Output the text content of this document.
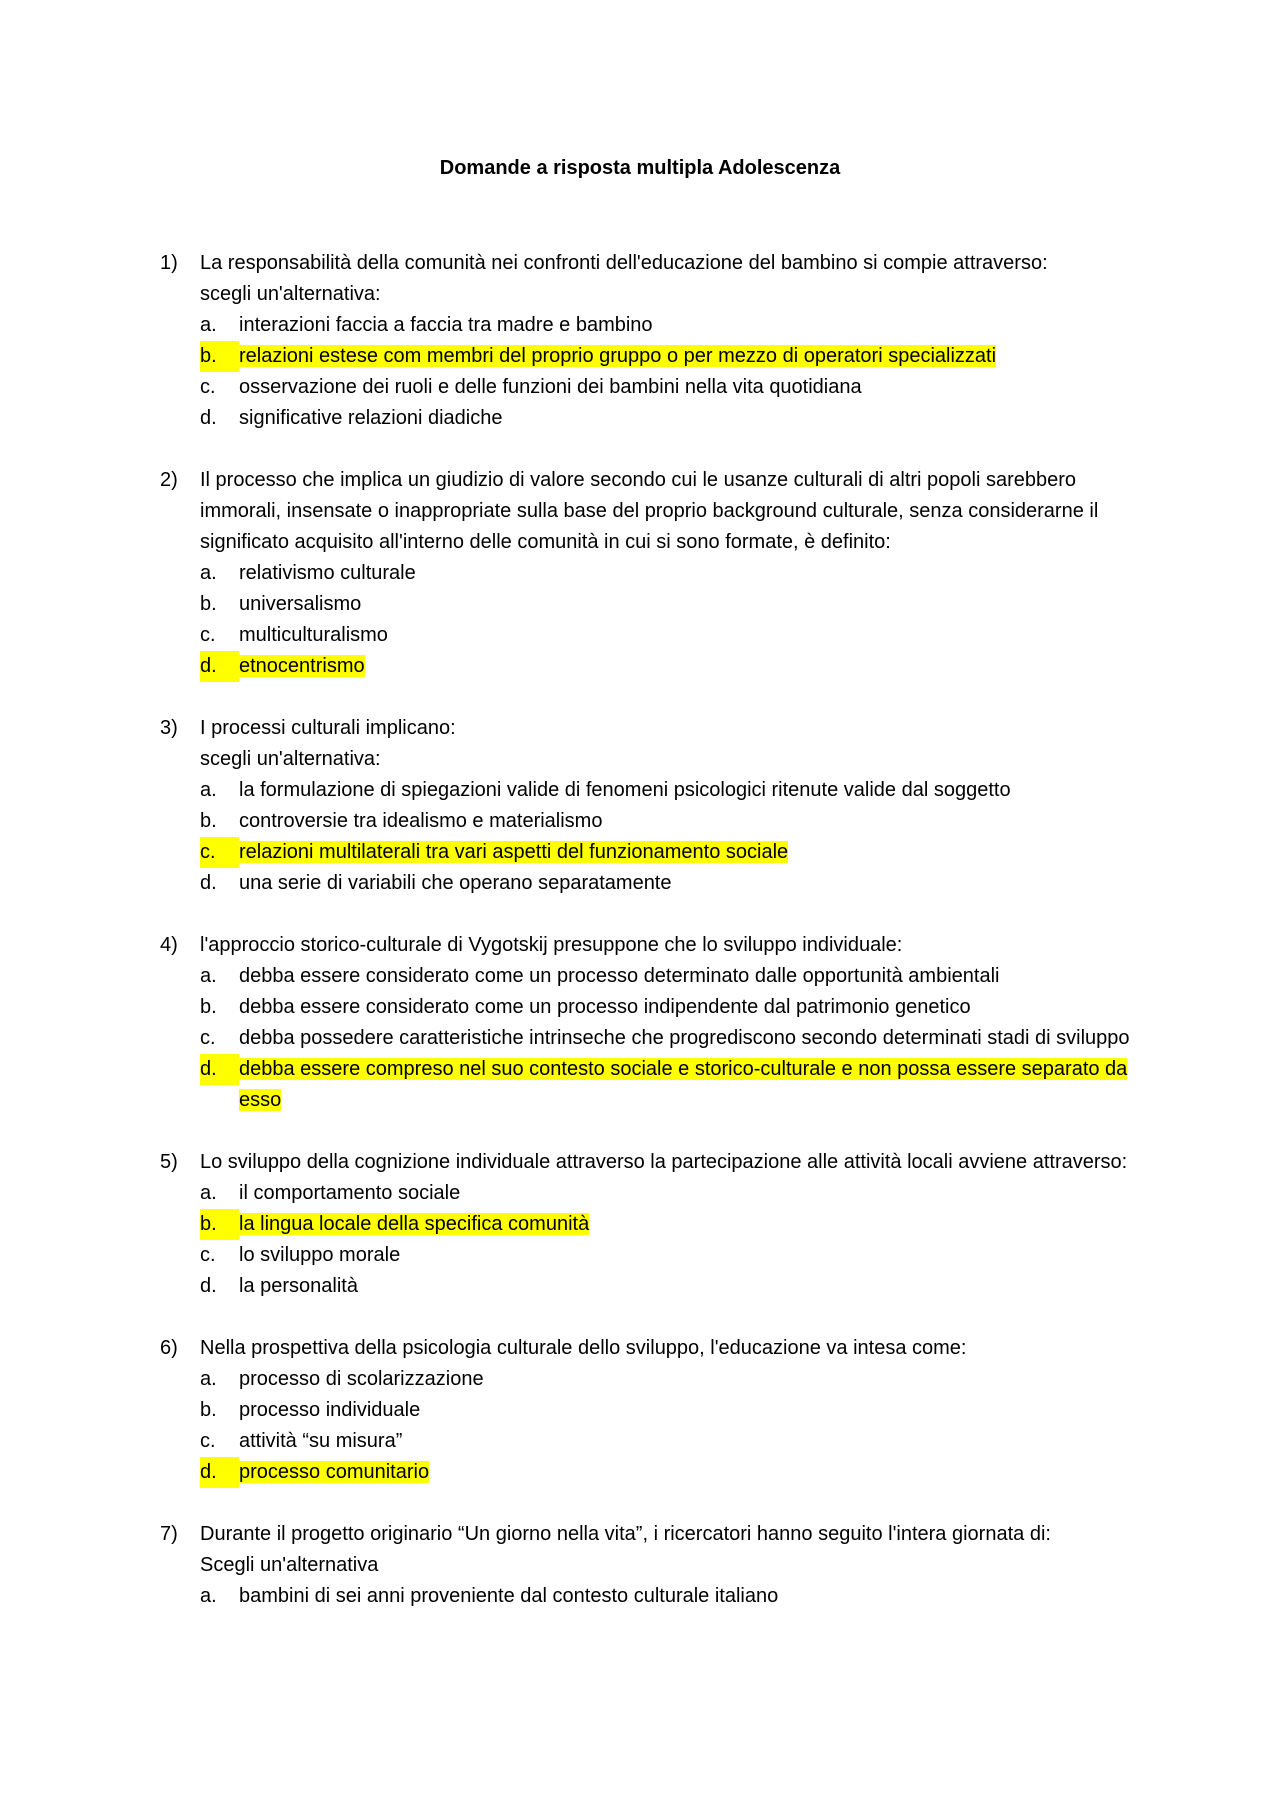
Domande a risposta multipla Adolescenza
1)	La responsabilità della comunità nei confronti dell'educazione del bambino si compie attraverso:
scegli un'alternativa:
a.	interazioni faccia a faccia tra madre e bambino
b.	relazioni estese com membri del proprio gruppo o per mezzo di operatori specializzati
c.	osservazione dei ruoli e delle funzioni dei bambini nella vita quotidiana
d.	significative relazioni diadiche
2)	Il processo che implica un giudizio di valore secondo cui le usanze culturali di altri popoli sarebbero immorali, insensate o inappropriate sulla base del proprio background culturale, senza considerarne il significato acquisito all'interno delle comunità in cui si sono formate, è definito:
a.	relativismo culturale
b.	universalismo
c.	multiculturalismo
d.	etnocentrismo
3)	I processi culturali implicano:
scegli un'alternativa:
a.	la formulazione di spiegazioni valide di fenomeni psicologici ritenute valide dal soggetto
b.	controversie tra idealismo e materialismo
c.	relazioni multilaterali tra vari aspetti del funzionamento sociale
d.	una serie di variabili che operano separatamente
4)	l'approccio storico-culturale di Vygotskij presuppone che lo sviluppo individuale:
a.	debba essere considerato come un processo determinato dalle opportunità ambientali
b.	debba essere considerato come un processo indipendente dal patrimonio genetico
c.	debba possedere caratteristiche intrinseche che progrediscono secondo determinati stadi di sviluppo
d.	debba essere compreso nel suo contesto sociale e storico-culturale e non possa essere separato da esso
5)	Lo sviluppo della cognizione individuale attraverso la partecipazione alle attività locali avviene attraverso:
a.	il comportamento sociale
b.	la lingua locale della specifica comunità
c.	lo sviluppo morale
d.	la personalità
6)	Nella prospettiva della psicologia culturale dello sviluppo, l'educazione va intesa come:
a.	processo di scolarizzazione
b.	processo individuale
c.	attività “su misura”
d.	processo comunitario
7)	Durante il progetto originario “Un giorno nella vita”, i ricercatori hanno seguito l'intera giornata di:
Scegli un'alternativa
a.	bambini di sei anni proveniente dal contesto culturale italiano
